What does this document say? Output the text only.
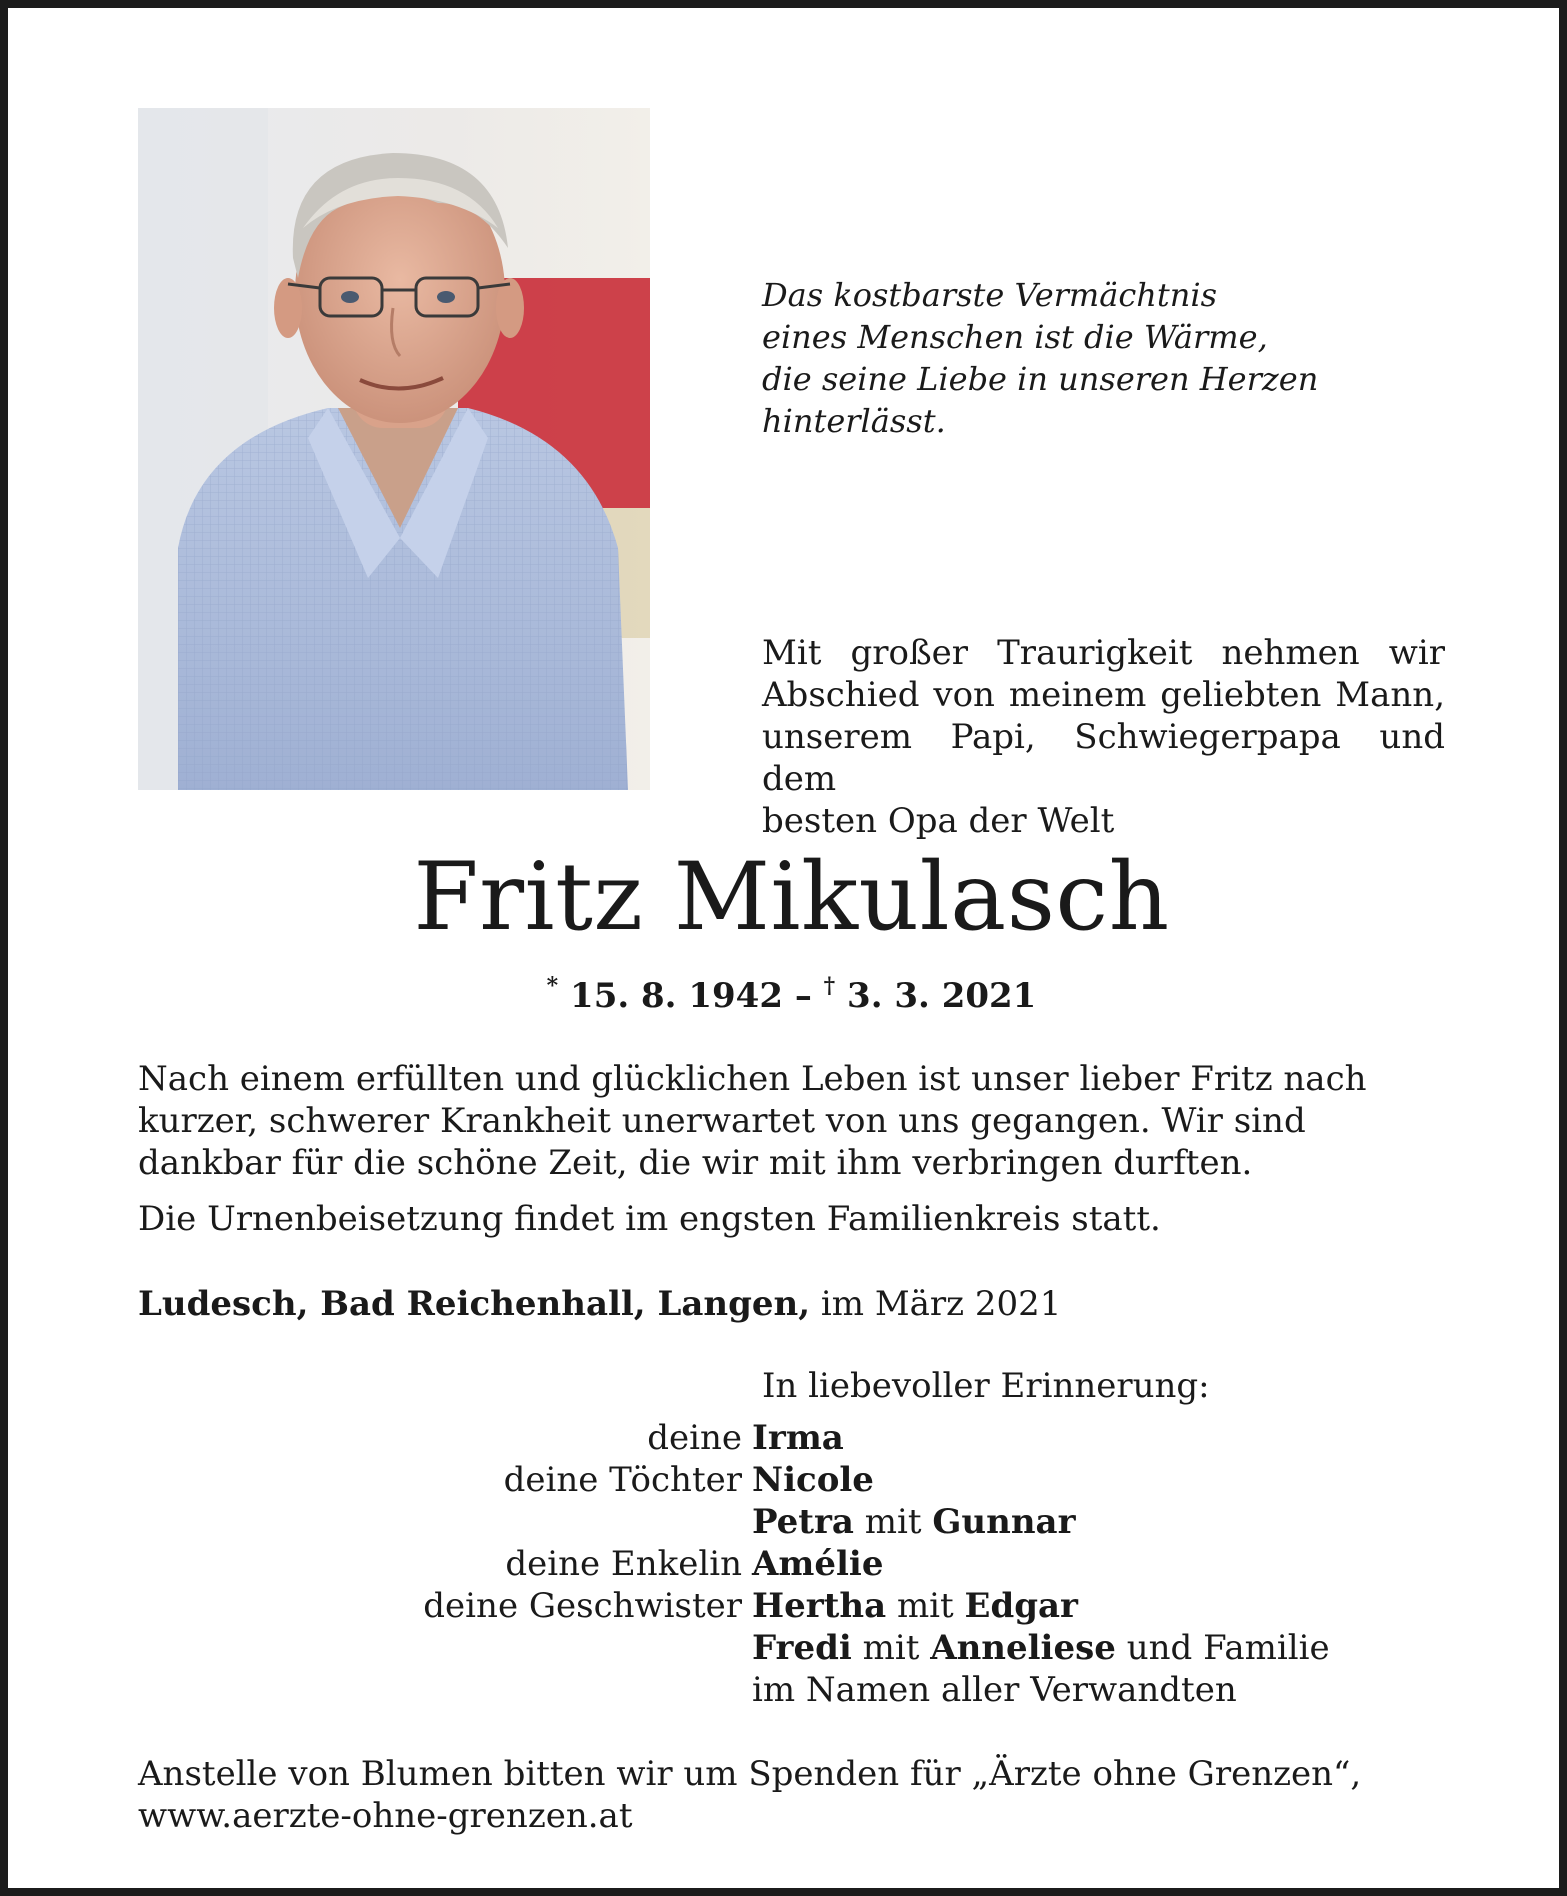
Das kostbarste Vermächtnis
eines Menschen ist die Wärme,
die seine Liebe in unseren Herzen
hinterlässt.

Mit großer Traurigkeit nehmen wir
Abschied von meinem geliebten Mann,
unserem Papi, Schwiegerpapa und dem
besten Opa der Welt

Fritz Mikulasch

* 15. 8. 1942 – † 3. 3. 2021

Nach einem erfüllten und glücklichen Leben ist unser lieber Fritz nach kurzer, schwerer Krankheit unerwartet von uns gegangen. Wir sind dankbar für die schöne Zeit, die wir mit ihm verbringen durften.

Die Urnenbeisetzung findet im engsten Familienkreis statt.

Ludesch, Bad Reichenhall, Langen, im März 2021

In liebevoller Erinnerung:

deine Irma
deine Töchter Nicole
Petra mit Gunnar
deine Enkelin Amélie
deine Geschwister Hertha mit Edgar
Fredi mit Anneliese und Familie
im Namen aller Verwandten

Anstelle von Blumen bitten wir um Spenden für „Ärzte ohne Grenzen“,
www.aerzte-ohne-grenzen.at
